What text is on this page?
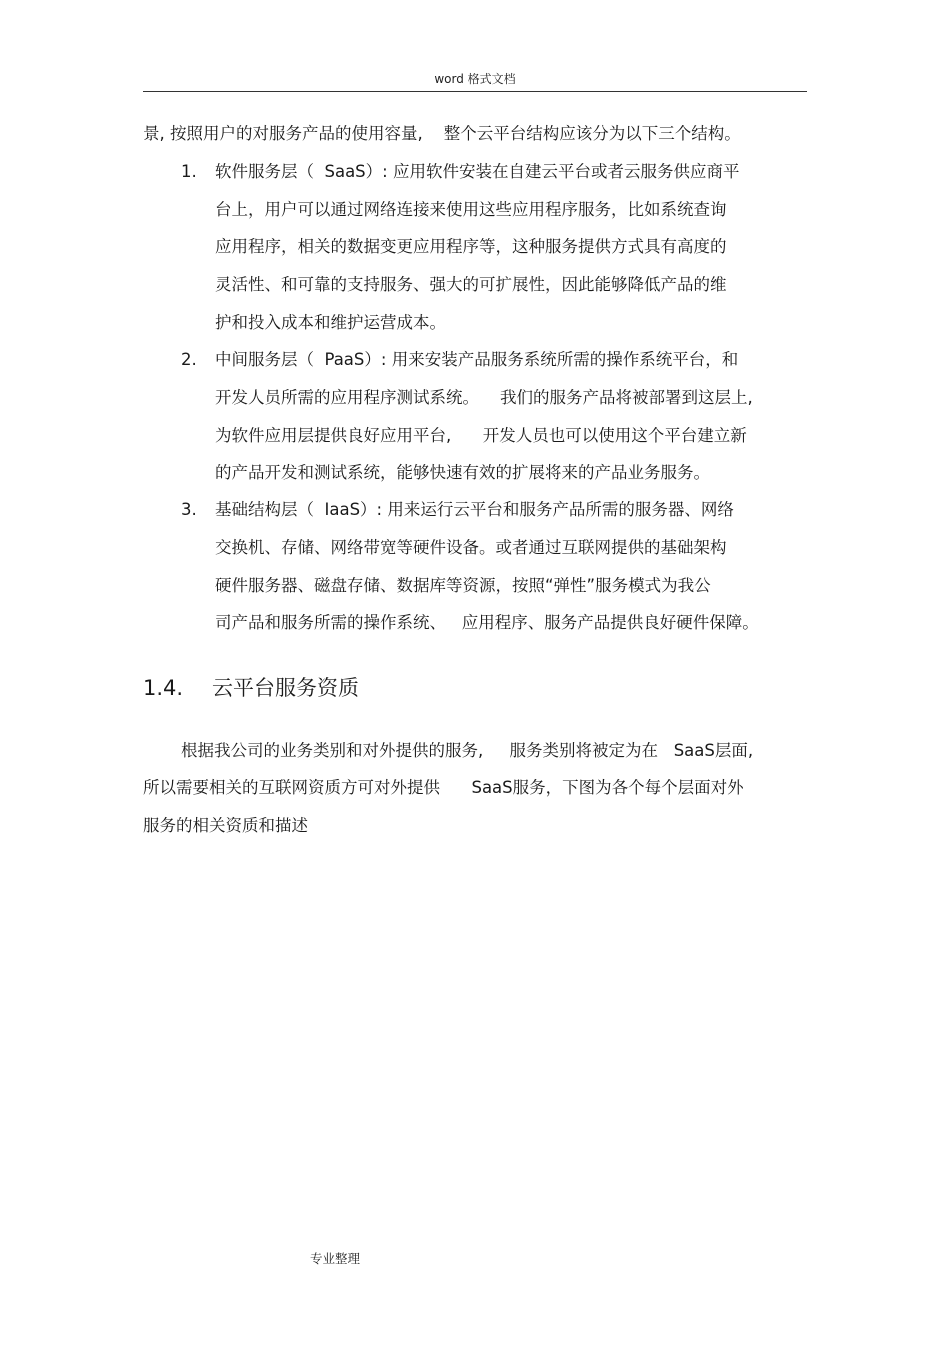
word 格式文档
景, 按照用户的对服务产品的使用容量,    整个云平台结构应该分为以下三个结构。
1. 软件服务层（  SaaS）: 应用软件安装在自建云平台或者云服务供应商平
台上，用户可以通过网络连接来使用这些应用程序服务，比如系统查询
应用程序，相关的数据变更应用程序等，这种服务提供方式具有高度的
灵活性、和可靠的支持服务、强大的可扩展性，因此能够降低产品的维
护和投入成本和维护运营成本。
2. 中间服务层（  PaaS）: 用来安装产品服务系统所需的操作系统平台，和
开发人员所需的应用程序测试系统。    我们的服务产品将被部署到这层上,
为软件应用层提供良好应用平台,      开发人员也可以使用这个平台建立新
的产品开发和测试系统，能够快速有效的扩展将来的产品业务服务。
3. 基础结构层（  IaaS）: 用来运行云平台和服务产品所需的服务器、网络
交换机、存储、网络带宽等硬件设备。或者通过互联网提供的基础架构
硬件服务器、磁盘存储、数据库等资源，按照“弹性”服务模式为我公
司产品和服务所需的操作系统、   应用程序、服务产品提供良好硬件保障。
1.4. 云平台服务资质
根据我公司的业务类别和对外提供的服务,     服务类别将被定为在   SaaS层面,
所以需要相关的互联网资质方可对外提供      SaaS服务，下图为各个每个层面对外
服务的相关资质和描述
专业整理
